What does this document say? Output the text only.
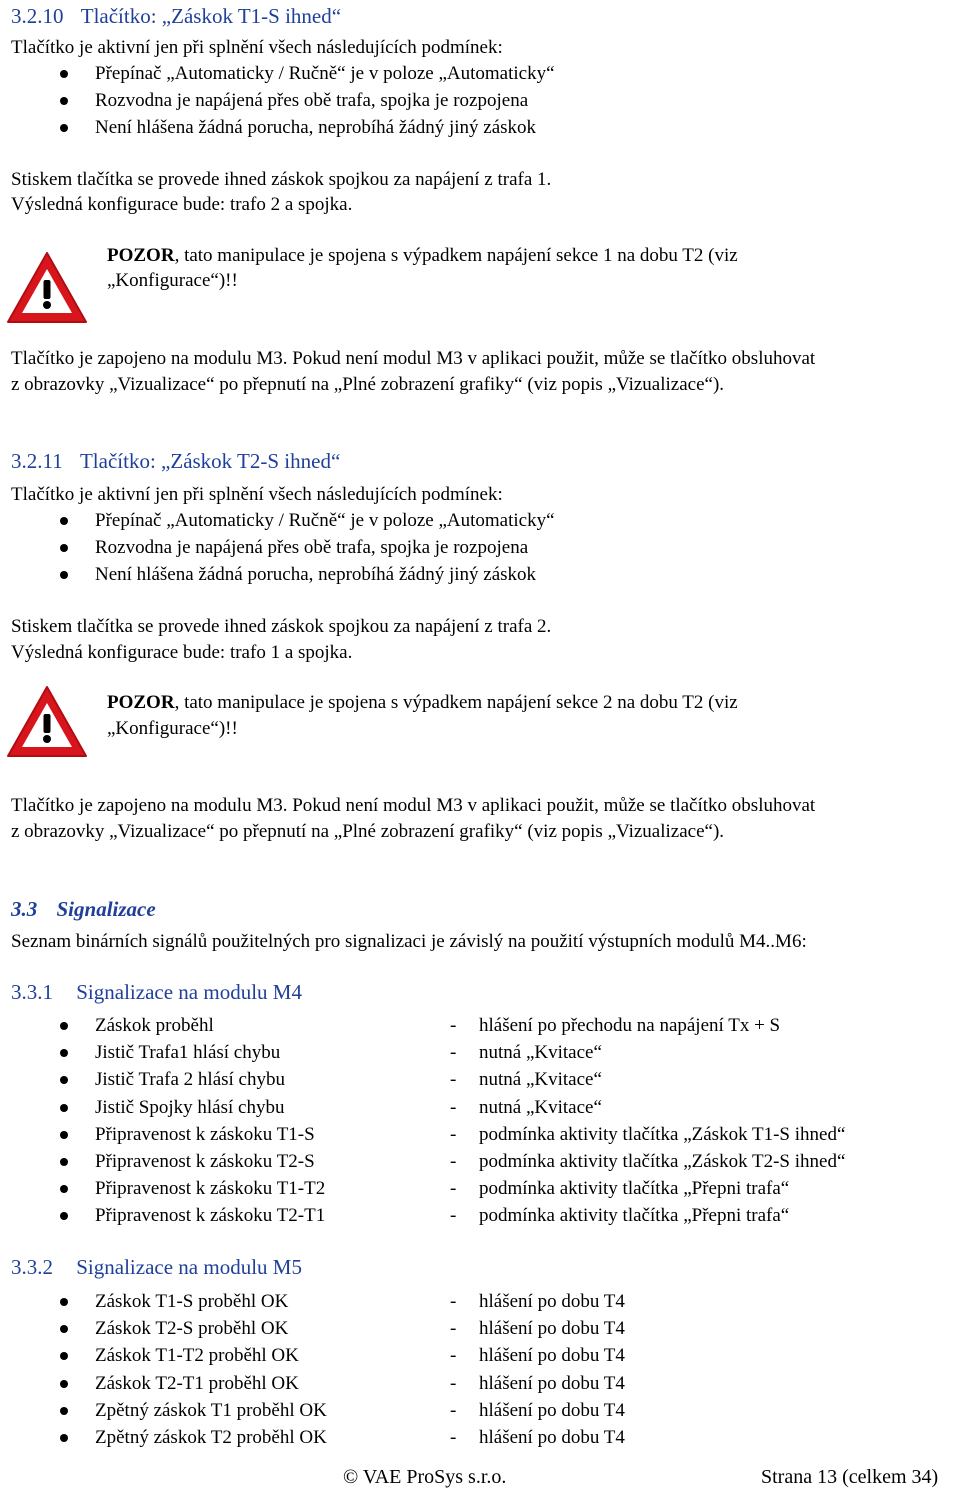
3.2.10 Tlačítko: „Záskok T1-S ihned“
Tlačítko je aktivní jen při splnění všech následujících podmínek:
Přepínač „Automaticky / Ručně“ je v poloze „Automaticky“
Rozvodna je napájená přes obě trafa, spojka je rozpojena
Není hlášena žádná porucha, neprobíhá žádný jiný záskok
Stiskem tlačítka se provede ihned záskok spojkou za napájení z trafa 1.
Výsledná konfigurace bude: trafo 2 a spojka.
POZOR, tato manipulace je spojena s výpadkem napájení sekce 1 na dobu T2 (viz
„Konfigurace“)!!
Tlačítko je zapojeno na modulu M3. Pokud není modul M3 v aplikaci použit, může se tlačítko obsluhovat
z obrazovky „Vizualizace“ po přepnutí na „Plné zobrazení grafiky“ (viz popis „Vizualizace“).
3.2.11 Tlačítko: „Záskok T2-S ihned“
Tlačítko je aktivní jen při splnění všech následujících podmínek:
Přepínač „Automaticky / Ručně“ je v poloze „Automaticky“
Rozvodna je napájená přes obě trafa, spojka je rozpojena
Není hlášena žádná porucha, neprobíhá žádný jiný záskok
Stiskem tlačítka se provede ihned záskok spojkou za napájení z trafa 2.
Výsledná konfigurace bude: trafo 1 a spojka.
POZOR, tato manipulace je spojena s výpadkem napájení sekce 2 na dobu T2 (viz
„Konfigurace“)!!
Tlačítko je zapojeno na modulu M3. Pokud není modul M3 v aplikaci použit, může se tlačítko obsluhovat
z obrazovky „Vizualizace“ po přepnutí na „Plné zobrazení grafiky“ (viz popis „Vizualizace“).
3.3 Signalizace
Seznam binárních signálů použitelných pro signalizaci je závislý na použití výstupních modulů M4..M6:
3.3.1 Signalizace na modulu M4
Záskok proběhl	- hlášení po přechodu na napájení Tx + S
Jistič Trafa1 hlásí chybu	- nutná „Kvitace“
Jistič Trafa 2 hlásí chybu	- nutná „Kvitace“
Jistič Spojky hlásí chybu	- nutná „Kvitace“
Připravenost k záskoku T1-S	- podmínka aktivity tlačítka „Záskok T1-S ihned“
Připravenost k záskoku T2-S	- podmínka aktivity tlačítka „Záskok T2-S ihned“
Připravenost k záskoku T1-T2	- podmínka aktivity tlačítka „Přepni trafa“
Připravenost k záskoku T2-T1	- podmínka aktivity tlačítka „Přepni trafa“
3.3.2 Signalizace na modulu M5
Záskok T1-S proběhl OK	- hlášení po dobu T4
Záskok T2-S proběhl OK	- hlášení po dobu T4
Záskok T1-T2 proběhl OK	- hlášení po dobu T4
Záskok T2-T1 proběhl OK	- hlášení po dobu T4
Zpětný záskok T1 proběhl OK	- hlášení po dobu T4
Zpětný záskok T2 proběhl OK	- hlášení po dobu T4
© VAE ProSys s.r.o.	Strana 13 (celkem 34)
